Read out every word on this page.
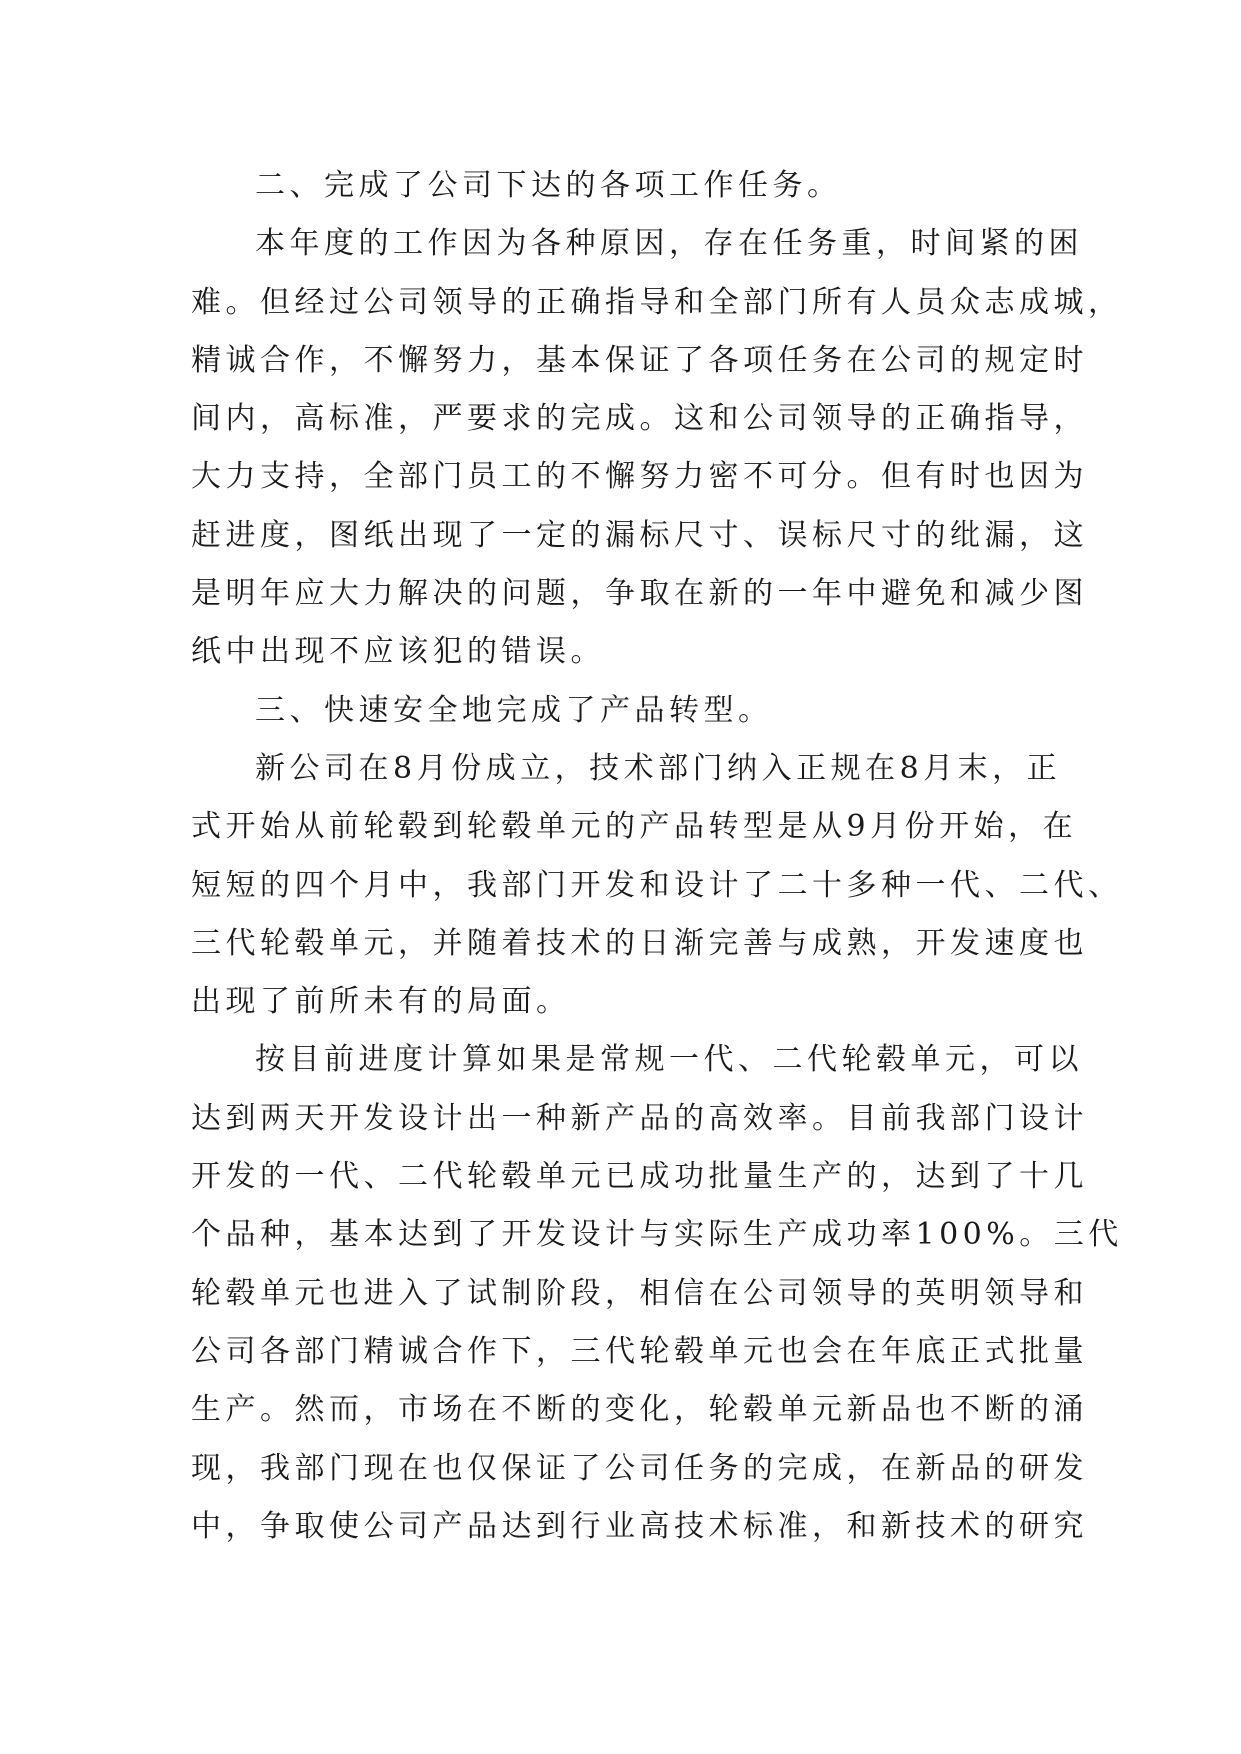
二、完成了公司下达的各项工作任务。
本年度的工作因为各种原因，存在任务重，时间紧的困
难。但经过公司领导的正确指导和全部门所有人员众志成城，
精诚合作，不懈努力，基本保证了各项任务在公司的规定时
间内，高标准，严要求的完成。这和公司领导的正确指导，
大力支持，全部门员工的不懈努力密不可分。但有时也因为
赶进度，图纸出现了一定的漏标尺寸、误标尺寸的纰漏，这
是明年应大力解决的问题，争取在新的一年中避免和减少图
纸中出现不应该犯的错误。
三、快速安全地完成了产品转型。
新公司在8月份成立，技术部门纳入正规在8月末，正
式开始从前轮毂到轮毂单元的产品转型是从9月份开始，在
短短的四个月中，我部门开发和设计了二十多种一代、二代、
三代轮毂单元，并随着技术的日渐完善与成熟，开发速度也
出现了前所未有的局面。
按目前进度计算如果是常规一代、二代轮毂单元，可以
达到两天开发设计出一种新产品的高效率。目前我部门设计
开发的一代、二代轮毂单元已成功批量生产的，达到了十几
个品种，基本达到了开发设计与实际生产成功率100%。三代
轮毂单元也进入了试制阶段，相信在公司领导的英明领导和
公司各部门精诚合作下，三代轮毂单元也会在年底正式批量
生产。然而，市场在不断的变化，轮毂单元新品也不断的涌
现，我部门现在也仅保证了公司任务的完成，在新品的研发
中，争取使公司产品达到行业高技术标准，和新技术的研究
